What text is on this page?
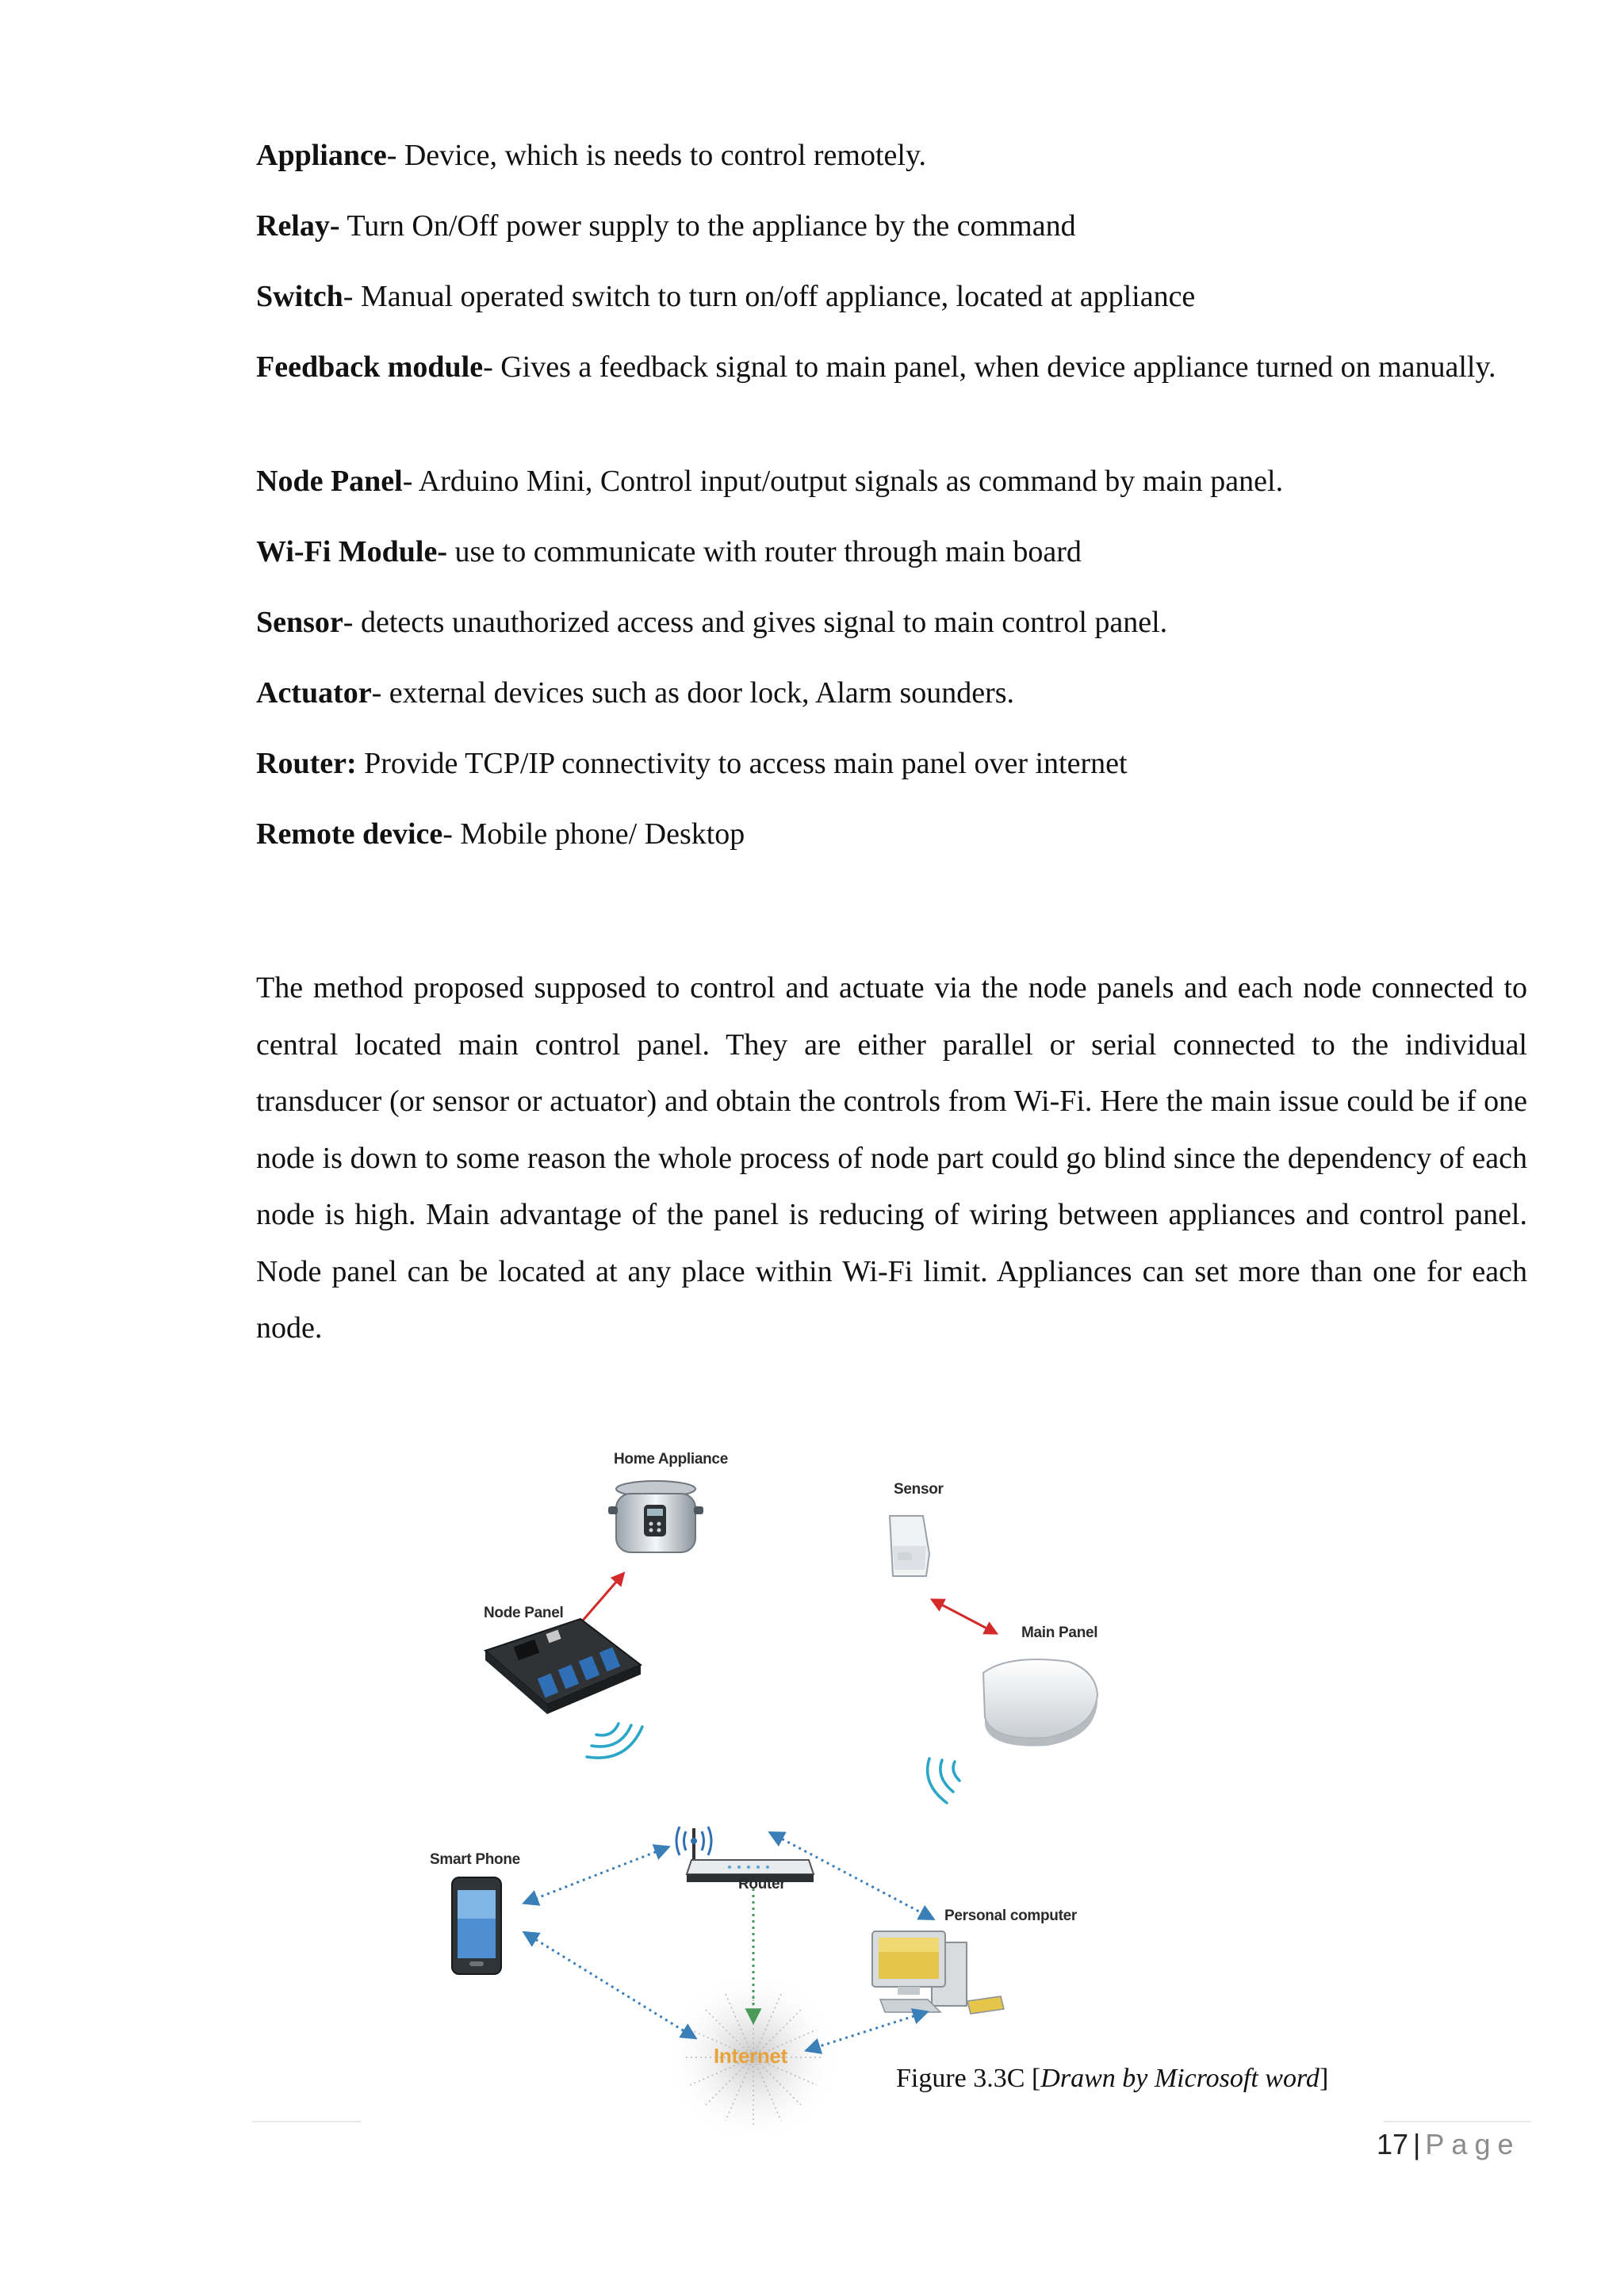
Appliance- Device, which is needs to control remotely.

Relay- Turn On/Off power supply to the appliance by the command

Switch- Manual operated switch to turn on/off appliance, located at appliance

Feedback module- Gives a feedback signal to main panel, when device appliance turned on manually.

Node Panel- Arduino Mini, Control input/output signals as command by main panel.

Wi-Fi Module- use to communicate with router through main board

Sensor- detects unauthorized access and gives signal to main control panel.

Actuator- external devices such as door lock, Alarm sounders.

Router: Provide TCP/IP connectivity to access main panel over internet

Remote device- Mobile phone/ Desktop

The method proposed supposed to control and actuate via the node panels and each node connected to central located main control panel. They are either parallel or serial connected to the individual transducer (or sensor or actuator) and obtain the controls from Wi-Fi. Here the main issue could be if one node is down to some reason the whole process of node part could go blind since the dependency of each node is high. Main advantage of the panel is reducing of wiring between appliances and control panel. Node panel can be located at any place within Wi-Fi limit. Appliances can set more than one for each node.

Home Appliance
Sensor
Node Panel
Main Panel
Smart Phone
Router
Personal computer
Internet
Figure 3.3C [Drawn by Microsoft word]
17 | Page
